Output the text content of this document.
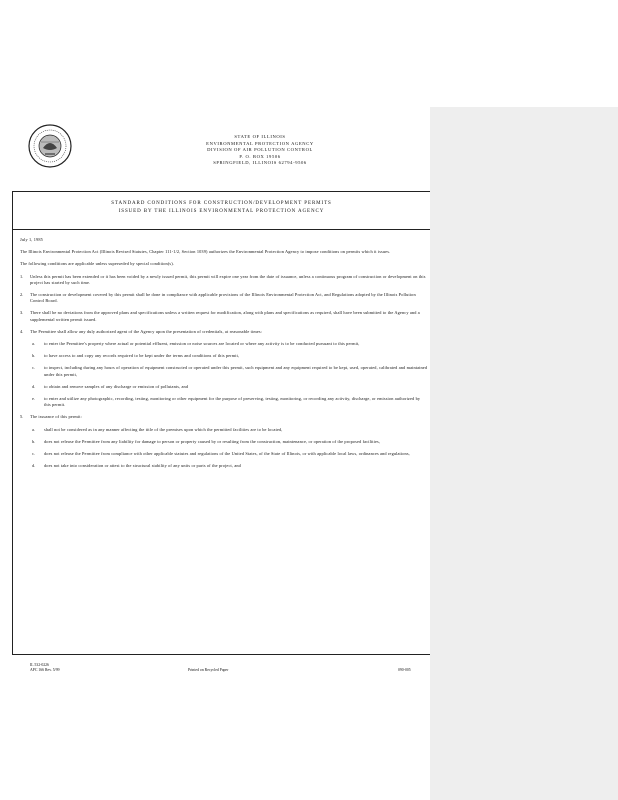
STATE OF ILLINOIS
ENVIRONMENTAL PROTECTION AGENCY
DIVISION OF AIR POLLUTION CONTROL
P. O. BOX 19506
SPRINGFIELD, ILLINOIS 62794-9506
STANDARD CONDITIONS FOR CONSTRUCTION/DEVELOPMENT PERMITS
ISSUED BY THE ILLINOIS ENVIRONMENTAL PROTECTION AGENCY

July 1, 1985

The Illinois Environmental Protection Act (Illinois Revised Statutes, Chapter 111-1/2, Section 1039) authorizes the Environmental Protection Agency to impose conditions on permits which it issues.

The following conditions are applicable unless superseded by special condition(s).

1.	Unless this permit has been extended or it has been voided by a newly issued permit, this permit will expire one year from the date of issuance, unless a continuous program of construction or development on this project has started by such time.
2.	The construction or development covered by this permit shall be done in compliance with applicable provisions of the Illinois Environmental Protection Act, and Regulations adopted by the Illinois Pollution Control Board.
3.	There shall be no deviations from the approved plans and specifications unless a written request for modification, along with plans and specifications as required, shall have been submitted to the Agency and a supplemental written permit issued.
4.	The Permittee shall allow any duly authorized agent of the Agency upon the presentation of credentials, at reasonable times:
a.	to enter the Permittee's property where actual or potential effluent, emission or noise sources are located or where any activity is to be conducted pursuant to this permit,
b.	to have access to and copy any records required to be kept under the terms and conditions of this permit,
c.	to inspect, including during any hours of operation of equipment constructed or operated under this permit, such equipment and any equipment required to be kept, used, operated, calibrated and maintained under this permit,
d.	to obtain and remove samples of any discharge or emission of pollutants, and
e.	to enter and utilize any photographic, recording, testing, monitoring or other equipment for the purpose of preserving, testing, monitoring, or recording any activity, discharge, or emission authorized by this permit.
5.	The issuance of this permit:
a.	shall not be considered as in any manner affecting the title of the premises upon which the permitted facilities are to be located,
b.	does not release the Permittee from any liability for damage to person or property caused by or resulting from the construction, maintenance, or operation of the proposed facilities,
c.	does not release the Permittee from compliance with other applicable statutes and regulations of the United States, of the State of Illinois, or with applicable local laws, ordinances and regulations,
d.	does not take into consideration or attest to the structural stability of any units or parts of the project, and
IL 532-0226
APC 166 Rev. 5/99	Printed on Recycled Paper	090-005
